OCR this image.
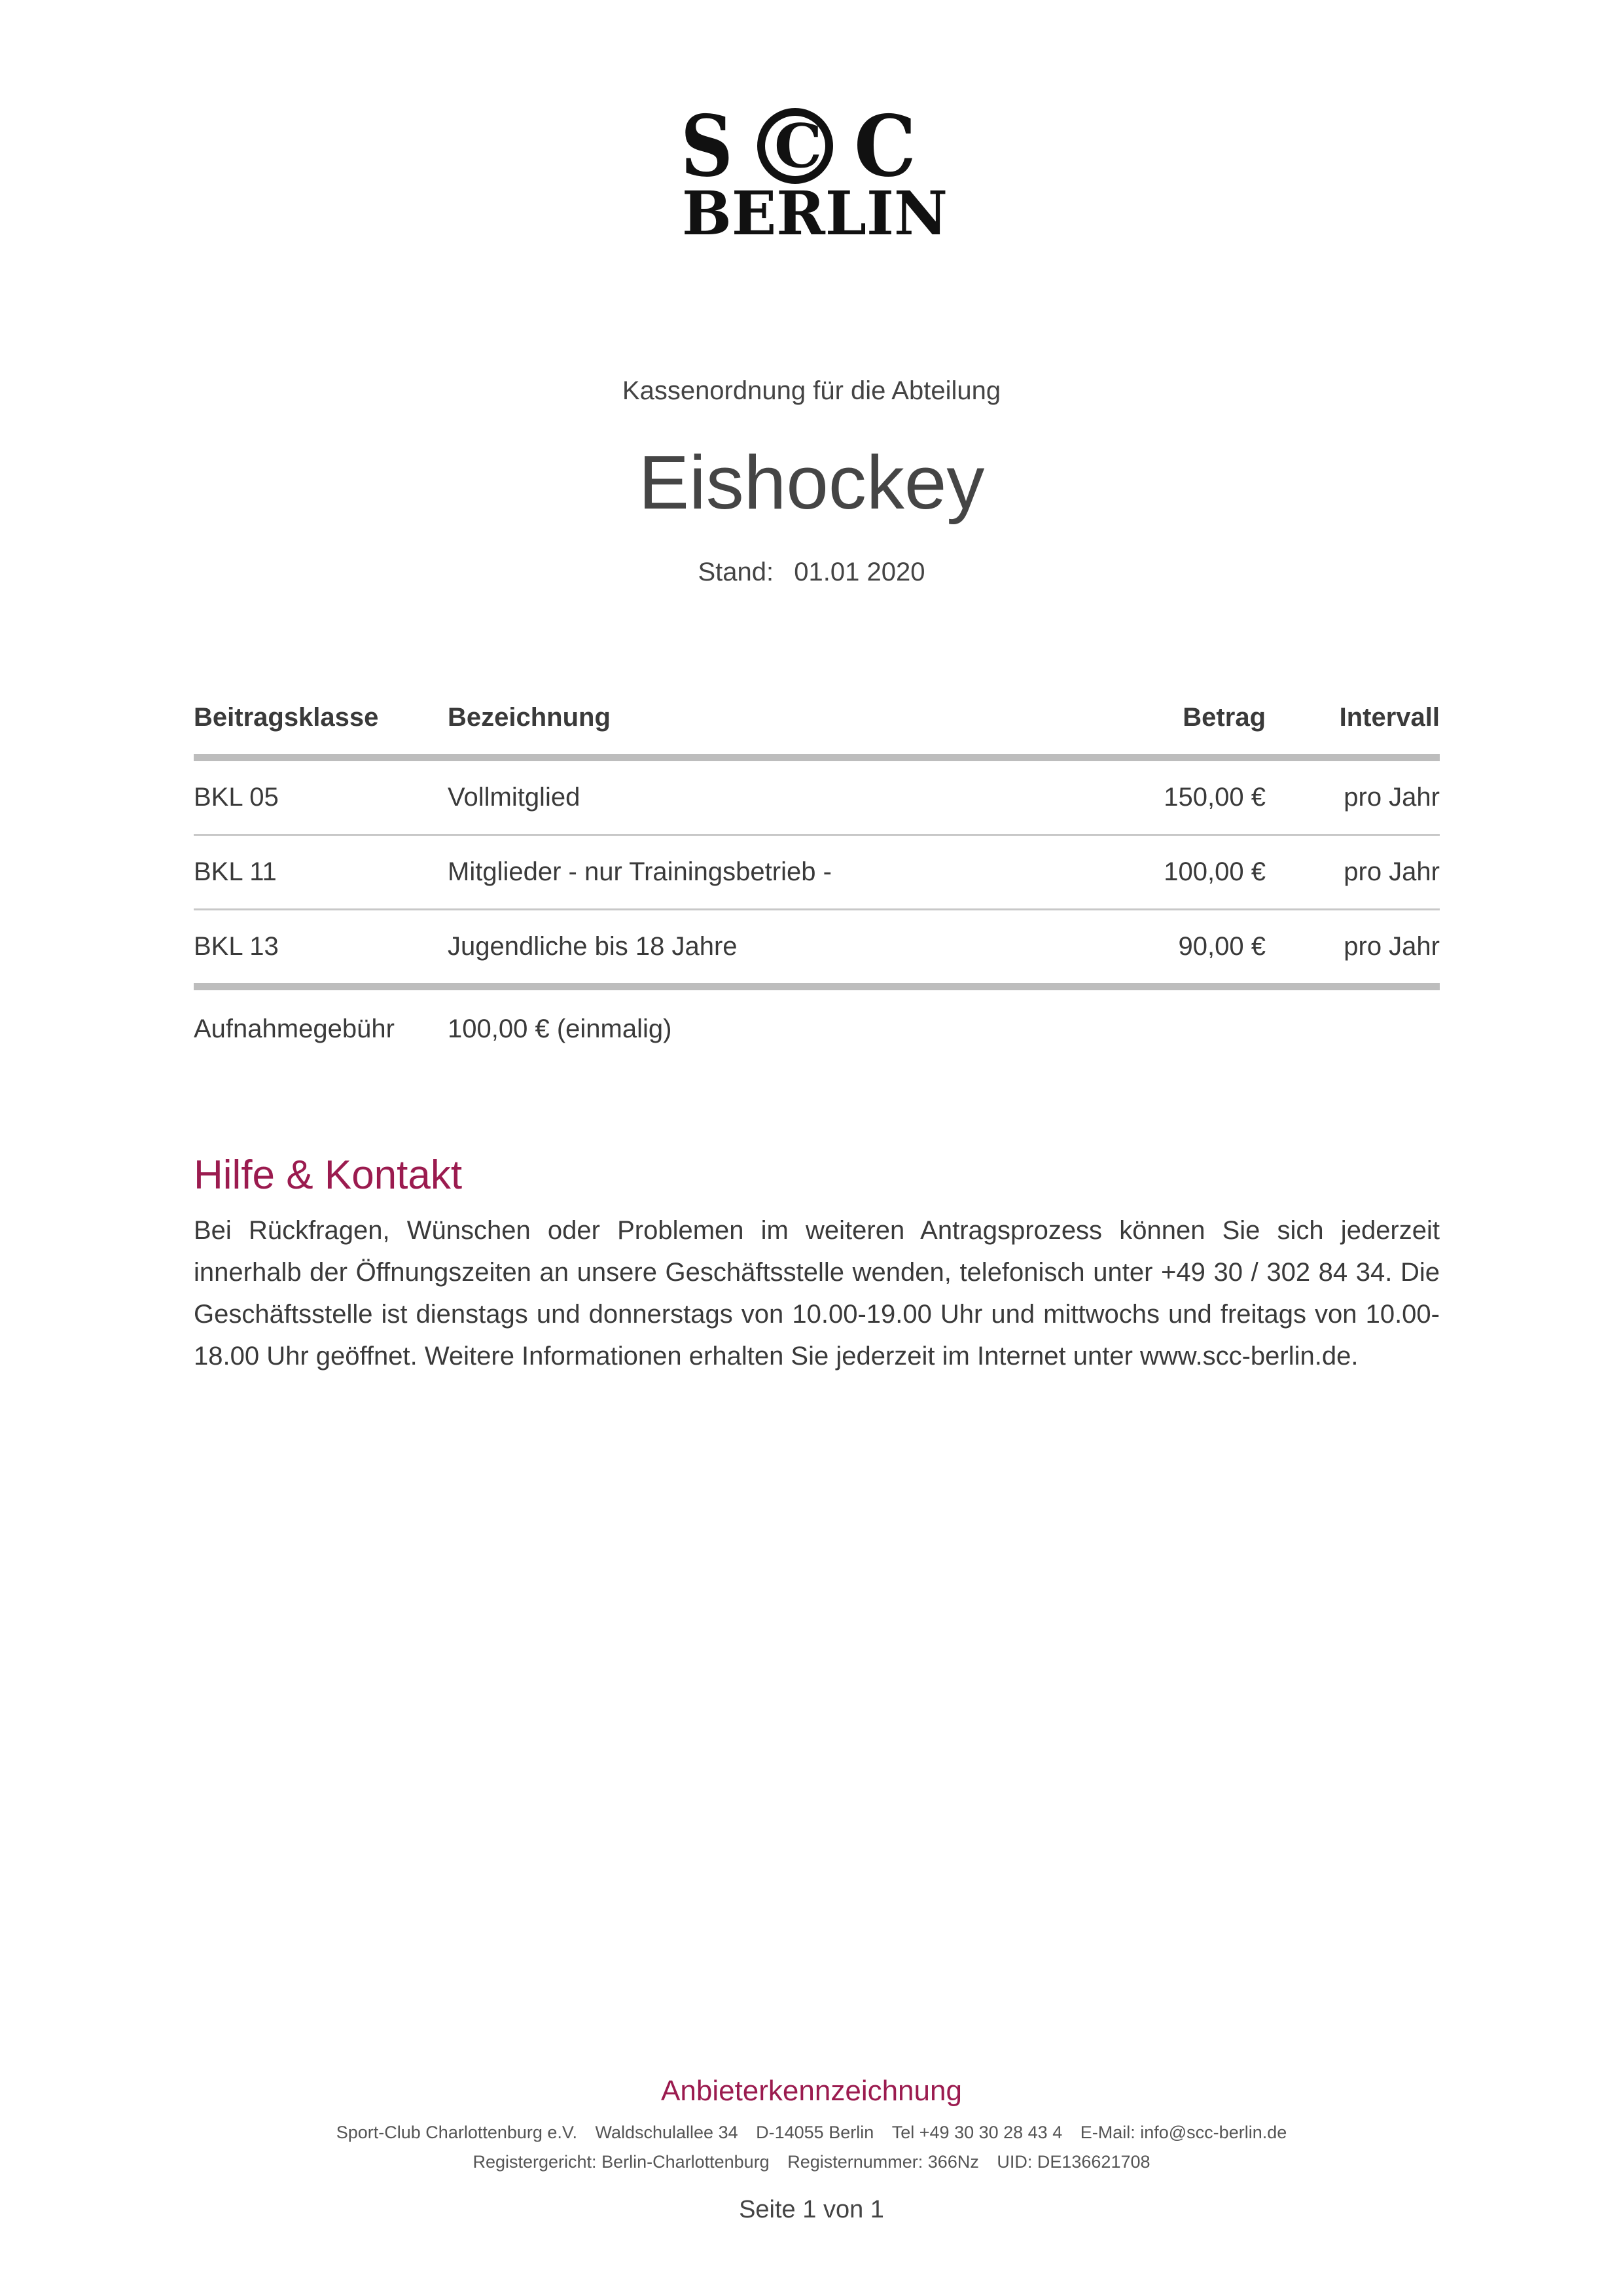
S C C
BERLIN
Kassenordnung für die Abteilung
Eishockey
Stand: 01.01 2020
Beitragsklasse	Bezeichnung	Betrag	Intervall
BKL 05	Vollmitglied	150,00 €	pro Jahr
BKL 11	Mitglieder - nur Trainingsbetrieb -	100,00 €	pro Jahr
BKL 13	Jugendliche bis 18 Jahre	90,00 €	pro Jahr
Aufnahmegebühr	100,00 € (einmalig)		
Hilfe & Kontakt
Bei Rückfragen, Wünschen oder Problemen im weiteren Antragsprozess können Sie sich jederzeit innerhalb der Öffnungszeiten an unsere Geschäftsstelle wenden, telefonisch unter +49 30 / 302 84 34. Die Geschäftsstelle ist dienstags und donnerstags von 10.00-19.00 Uhr und mittwochs und freitags von 10.00-18.00 Uhr geöffnet. Weitere Informationen erhalten Sie jederzeit im Internet unter www.scc-berlin.de.
Anbieterkennzeichnung
Sport-Club Charlottenburg e.V. Waldschulallee 34 D-14055 Berlin Tel +49 30 30 28 43 4 E-Mail: info@scc-berlin.de
Registergericht: Berlin-Charlottenburg Registernummer: 366Nz UID: DE136621708
Seite 1 von 1
